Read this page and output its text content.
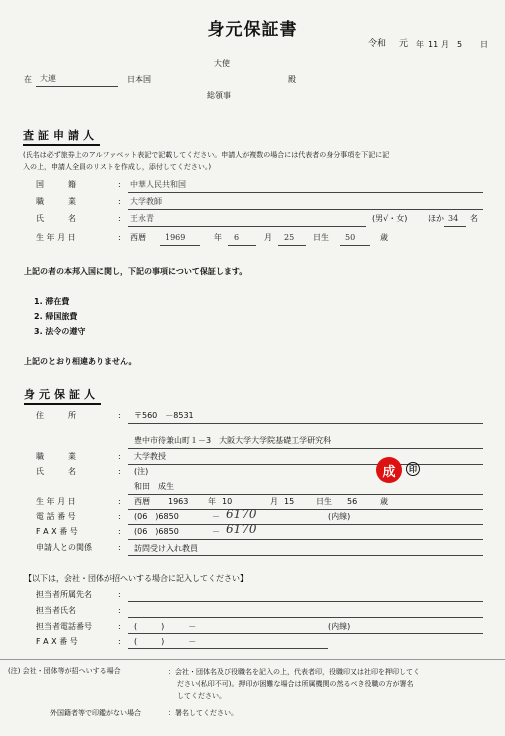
身元保証書
令和 元 年 11 月 5 日
大使
在 大連	日本国	殿
総領事
査証申請人
(氏名は必ず旅券上のアルファベット表記で記載してください。申請人が複数の場合には代表者の身分事項を下記に記
入の上，申請人全員のリストを作成し，添付してください。)
国　　　籍	: 中華人民共和国
職　　　業	: 大学教師
氏　　　名	: 王永青	(男√・女)	ほか 34 名
生 年 月 日	: 西暦 1969	年 6	月 25 日生 50	歳
上記の者の本邦入国に関し，下記の事項について保証します。
1. 滞在費
2. 帰国旅費
3. 法令の遵守
上記のとおり相違ありません。
身元保証人
住　　　所	: 〒560　－8531
豊中市待兼山町１－3　大阪大学大学院基礎工学研究科
職　　　業	: 大学教授
氏　　　名	: (注)
和田　成生
成	印
生 年 月 日	: 西暦 1963 年 10	月 15	日生 56	歳
電 話 番 号	: (06　)6850	－ 6170	(内線)
F A X 番 号	: (06　)6850	－ 6170
申請人との関係	: 訪問受け入れ教員
【以下は，会社・団体が招へいする場合に記入してください】
担当者所属先名	:
担当者氏名	:
担当者電話番号	: (　　　)　　　－	(内線)
F A X 番 号	: (　　　)　　　－
(注) 会社・団体等が招へいする場合	：会社・団体名及び役職名を記入の上，代表者印，役職印又は社印を押印してく
ださい(私印不可)。押印が困難な場合は所属機関の然るべき役職の方が署名
してください。
外国籍者等で印鑑がない場合	：署名してください。
